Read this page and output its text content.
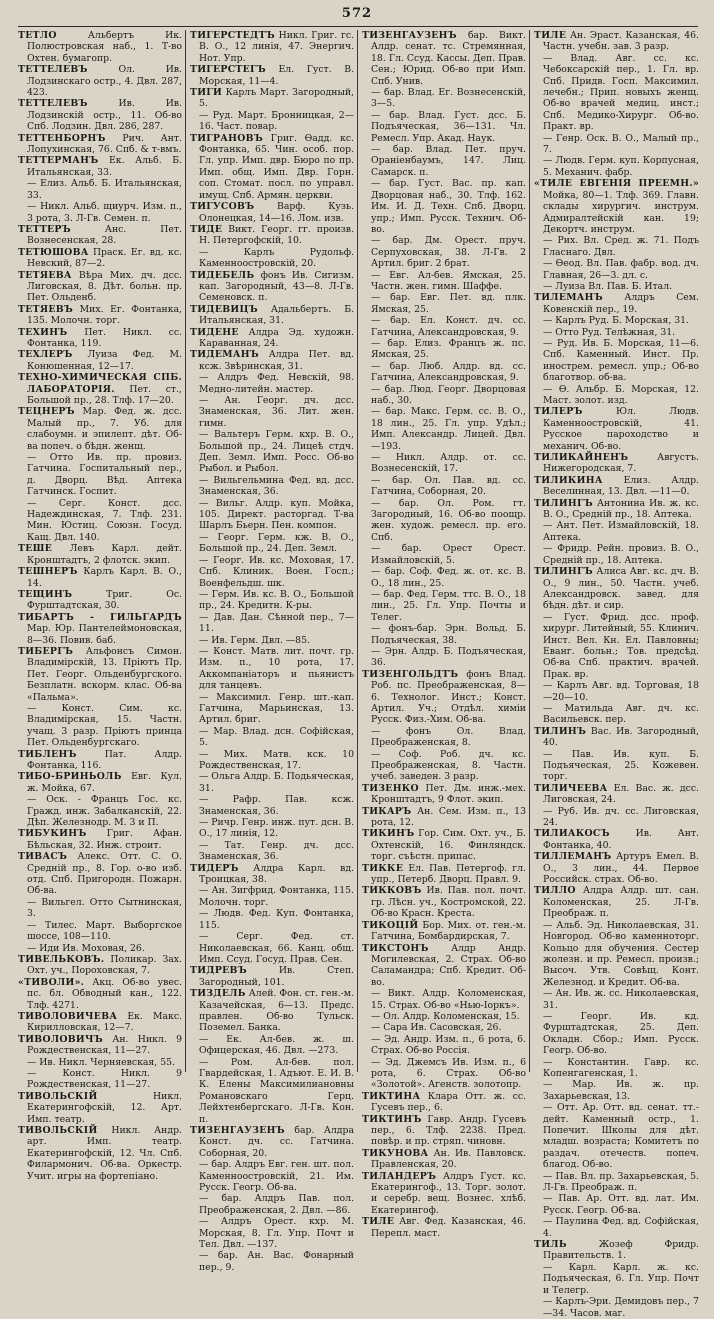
572

ТЕТЛО	Альбертъ Ик. Полюстровская наб., 1. Т-во Охтен. бумагопр.

ТЕТТЕЛЕВЪ	Ол. Ив. Лодзинскаго остр., 4. Двл. 287, 423.

ТЕТТЕЛЕВЪ	Ив. Ив. Лодзинскій остр., 11. Об-во Спб. Лодзин. Двл. 286, 287.

ТЕТТЕНБОРНЪ Рич. Ант. Лопухинская, 76. Спб. & т-вмъ.

ТЕТТЕРМАНЪ Ек. Альб. Б. Итальянская, 33.

— Елиз. Альб. Б. Итальянская, 33.

— Никл. Альб. щиурч. Изм. п., 3 рота, 3. Л-Гв. Семен. п.

ТЕТТЕРЪ	Анс. Пет. Вознесенская, 28.

ТЕТЮШОВА Праск. Ег. вд. кс. Невский, 87—2.

ТЕТЯЕВА Вѣра Мих. дч. дсс. Лиговская, 8. Дѣт. больн. пр. Пет. Ольденб.

ТЕТЯЕВЪ Мих. Ег. Фонтанка, 135. Молочн. торг.

ТЕХИНЪ Пет. Никл. сс. Фонтанка, 119.

ТЕХЛЕРЪ Луиза Фед. М. Конюшенная, 12—17.

ТЕХНО-ХИМИЧЕСКАЯ СПБ. ЛАБОРАТОРІЯ. Пет. ст., Большой пр., 28. Тлф. 17—20.

ТЕЦНЕРЪ Мар. Фед. ж. дсс. Малый пр., 7. Уб. для слабоумн. и эпилепт. дѣт. Об-ва попеч. о бѣдн. женщ.

— Отто Ив. пр. провиз. Гатчина. Госпитальный пер., д. Дворц. Вѣд. Аптека Гатчинск. Госпит.

— Серг. Конст. дсс. Надеждинская, 7. Тлф. 231. Мин. Юстиц. Союзн. Госуд. Кащ. Двл. 140.

ТЕШЕ Левъ Карл. дейт. Кронштадтъ, 2 флотск. экип.

ТЕШНЕРЪ Карлъ Карл. В. О., 14.

ТЕЩИНЪ	Триг. Ос. Фурштадтская, 30.

ТИБАРТЪ - ГИЛЬГАРДЪ Мар. Юр. Пантелеймоновская, 8—36. Повив. баб.

ТИБЕРГЪ Альфонсъ Симон. Владимірскій, 13. Пріютъ Пр. Пет. Георг. Ольденбургского. Безплатн. вскорм. клас. Об-ва «Пальма».

— Конст. Сим. кс. Владимірская, 15. Частн. учащ. 3 разр. Пріютъ принца Пет. Ольденбургскаго.

ТИБЛЕНЪ	Пат. Алдр. Фонтанка, 116.

ТИБО-БРИНЬОЛЬ Евг. Кул. ж. Мойка, 67.

— Оск. - Францъ Гос. кс. Гражд. инж. Забалканскій, 22. Дѣп. Железнодр. М. 3 и П.

ТИБУКИНЪ Григ. Афан. Бѣльская, 32. Инж. строит.

ТИВАСЪ Алекс. Отт. С. О. Средній пр., 8. Гор. о-во изб. отд. Спб. Пригородн. Пожарн. Об-ва.

— Вильгел. Отто Сытнинская, 3.

— Тилес. Март. Выборгское шоссе, 108—110.

— Иди Ив. Моховая, 26.

ТИВЕЛЬКОВЪ. Поликар. Зах. Охт. уч., Пороховская, 7.

«ТИВОЛИ». Акц. Об-во увес. пс. бл. Обводный кан., 122. Тлф. 4271.

ТИВОЛОВИЧЕВА Ек. Макс. Кирилловская, 12—7.

ТИВОЛОВИЧЪ Ан. Никл. 9 Рождественская, 11—27.

— Ив. Никл. Черняевская, 55.

— Конст. Никл. 9 Рождественская, 11—27.

ТИВОЛЬСКІЙ	Никл. Екатерингофскій, 12. Арт. Имп. театр.

ТИВОЛЬСКІЙ Никл. Андр. арт. Имп. театр. Екатерингофскій, 12. Чл. Спб. Филармонич. Об-ва. Оркестр. Учит. игры на фортепіано.

ТИГЕРСТЕДТЪ Никл. Григ. гс. В. О., 12 линія, 47. Энергич. Нот. Упр.

ТИГЕРСТЕГЪ Ел. Густ. В. Морская, 11—4.

ТИГИ Карлъ Март. Загородный, 5.

— Руд. Март. Бронницкая, 2—16. Част. повар.

ТИГРАНОВЪ Григ. Ѳадд. кс. Фонтанка, 65. Чин. особ. пор. Гл. упр. Имп. двр. Бюро по пр. Имп. общ. Имп. Двр. Горн. соп. Стомат. посл. по управл. имущ. Спб. Армян. церкви.

ТИГУСОВЪ Варф. Кузь. Олонецкая, 14—16. Лом. изв.

ТИДЕ Викт. Георг. гг. произв. Н. Петергофскій, 10.

— Карлъ Рудольф. Каменноостровскій, 20.

ТИДЕБЕЛЬ фонъ Ив. Сигизм. кап. Загородный, 43—8. Л-Гв. Семеновск. п.

ТИДЕВИЦЪ Адальбертъ. Б. Итальянская, 31.

ТИДЕНЕ Алдра Эд. художн. Караванная, 24.

ТИДЕМАНЪ Алдра Пет. вд. ксж. Звѣринская, 31.

— Алдръ Фед. Невскій, 98. Медно-литейн. мастер.

— Ан. Георг. дч. дсс. Знаменская, 36. Лит. жен. гимн.

— Вальтеръ Герм. кхр. В. О., Большой пр., 24. Лицеѣ стдч. Деп. Земл. Имп. Росс. Об-во Рыбол. и Рыбол.

— Вильгельмина Фед. вд. дсс. Знаменская, 36.

— Вильг. Алдр. куп. Мойка, 105. Директ. расторгад. Т-ва Шарлъ Бьерн. Пен. компон.

— Георг. Герм. кж. В. О., Большой пр., 24. Деп. Земл.

— Георг. Ив. кс. Моховая, 17. Спб. Клиник. Воен. Госп.; Военфельдш. шк.

— Герм. Ив. кс. В. О., Большой пр., 24. Кредитн. К-ры.

— Дав. Дан. Сѣнной пер., 7—11.

— Ив. Герм. Двл. —85.

— Конст. Матв. лит. почт. гр. Изм. п., 10 рота, 17. Аккомпаніаторъ и пьянистъ для танцевъ.

— Максимил. Генр. шт.-кап. Гатчина, Марьинская, 13. Артил. бриг.

— Мар. Влад. дсн. Софійская, 5.

— Мих. Матв. кск. 10 Рождественская, 17.

— Ольга Алдр. Б. Подьяческая, 31.

— Рафр. Пав. ксж. Знаменская, 36.

— Ричр. Генр. инж. пут. дсн. В. О., 17 линія, 12.

— Тат. Генр. дч. дсс. Знаменская, 36.

ТИДЕРЪ Алдра Карл. вд. Троицкая, 38.

— Ан. Зигфрид. Фонтанка, 115. Молочн. торг.

— Людв. Фед. Куп. Фонтанка, 115.

— Серг. Фед. ст. Николаевская, 66. Канц. общ. Имп. Ссуд. Госуд. Прав. Сен.

ТИДРЕВЪ	Ив. Степ. Загородный, 101.

ТИЗДЕЛЬ Алей. Фон. ст. ген.-м. Казачейская, 6—13. Предс. правлен. Об-во Тульск. Поземел. Банка.

— Ек. Ал-бев. ж. ш. Офицерская, 46. Двл. —273.

— Ром. Ал-бев. пол. Гвардейская, 1. Адъют. Е. И. В. К. Елены Максимилиановны Романовскаго Герц. Лейхтенбергскаго. Л-Гв. Кон. п.

ТИЗЕНГАУЗЕНЪ бар. Алдра Конст. дч. сс. Гатчина. Соборная, 20.

— бар. Алдръ Евг. ген. шт. пол. Каменноостровскій, 21. Им. Русск. Геогр. Об-ва.

— бар. Алдръ Пав. пол. Преображенская, 2. Двл. —86.

— Алдръ Орест. кхр. М. Морская, 8. Гл. Упр. Почт и Тел. Двл. —137.

— бар. Ан. Вас. Фонарный пер., 9.

ТИЗЕНГАУЗЕНЪ бар. Викт. Алдр. сенат. тс. Стремянная, 18. Гл. Ссуд. Кассы. Деп. Прав. Сен.; Юрид. Об-во при Имп. Спб. Унив.

— бар. Влад. Ег. Вознесенскій, 3—5.

— бар. Влад. Густ. дсс. Б. Подъяческая, 36—131. Чл. Ремесл. Упр. Акад. Наук.

— бар. Влад. Пет. пруч. Ораніенбаумъ, 147. Лиц. Самарск. п.

— бар. Густ. Вас. пр. кап. Дворцовая наб., 30. Тлф. 162. Им. И. Д. Техн. Спб. Дворц. упр.; Имп. Русск. Технич. Об-во.

— бар. Дм. Орест. пруч. Серпуховская, 38. Л-Гв. 2 Артил. бриг. 2 брат.

— Евг. Ал-бев. Ямская, 25. Частн. жен. гимн. Шаффе.

— бар. Евг. Пет. вд. плк. Ямская, 25.

— бар. Ел. Конст. дч. сс. Гатчина, Александровская, 9.

— бар. Елиз. Францъ ж. пс. Ямская, 25.

— бар. Люб. Алдр. вд. сс. Гатчина, Александровская, 9.

— бар. Люд. Георг. Дворцовая наб., 30.

— бар. Макс. Герм. сс. В. О., 18 лин., 25. Гл. упр. Удѣл.; Имп. Александр. Лицей. Двл. —193.

— Никл. Алдр. от. сс. Вознесенскій, 17.

— бар. Ол. Пав. вд. сс. Гатчина, Соборная, 20.

— бар. Ол. Ром. гт. Загородный, 16. Об-во поощр. жен. худож. ремесл. пр. его. Спб.

— бар. Орест Орест. Измайловскій, 5.

— бар. Соф. Фед. ж. от. кс. В. О., 18 лин., 25.

— бар. Фед. Герм. ттс. В. О., 18 лин., 25. Гл. Упр. Почты и Телег.

— фонъ-бар. Эрн. Вольд. Б. Подъяческая, 38.

— Эрн. Алдр. Б. Подъяческая, 36.

ТИЗЕНГОЛЬДТЪ фонъ Влад. Роб. пс. Преображенская, 8—6. Технолог. Инст.; Конст. Артил. Уч.; Отдѣл. химіи Русск. Физ.-Хим. Об-ва.

— фонъ Ол. Влад. Преображенская, 8.

— Соф. Роб. дч. кс. Преображенская, 8. Частн. учеб. заведен. 3 разр.

ТИЗЕНКО Пет. Дм. инж.-мех. Кронштадтъ, 9 Флот. экип.

ТИКАРЪ Ан. Сем. Изм. п., 13 рота, 12.

ТИКИНЪ Гор. Сим. Охт. уч., Б. Охтенскій, 16. Финляндск. торг. съѣстн. припас.

ТИККЕ Ел. Пав. Петергоф. гл. упр., Петерб. Дворц. Правл. 9.

ТИККОВЪ Ив. Пав. пол. почт. гр. Лѣсн. уч., Костромской, 22. Об-во Красн. Креста.

ТИКОЦІЙ Бор. Мих. от. ген.-м. Гатчина, Бомбардирская, 7.

ТИКСТОНЪ Алдр Андр. Могилевская, 2. Страх. Об-во Саламандра; Спб. Кредит. Об-во.

— Викт. Алдр. Коломенская, 15. Страх. Об-во «Нью-Іоркъ».

— Ол. Алдр. Коломенская, 15.

— Сара Ив. Сасовская, 26.

— Эд. Андр. Изм. п., 6 рота, 6. Страх. Об-во Россія.

— Эд. Джемсъ Ив. Изм. п., 6 рота, 6. Страх. Об-во «Золотой». Агенств. золотопр.

ТИКТИНА Клара Отт. ж. сс. Гусевъ пер., 6.

ТИКТИНЪ Гавр. Андр. Гусевъ пер., 6. Тлф. 2238. Пред. повѣр. и пр. стряп. чиновн.

ТИКУНОВА Ан. Ив. Павловск. Правленская, 20.

ТИЛАНДЕРЪ Алдръ Густ. кс. Екатерингоф., 13. Торг. золот. и серебр. вещ. Вознес. хлѣб. Екатерингоф.

ТИЛЕ Авг. Фед. Казанская, 46. Перепл. маст.

ТИЛЕ Ан. Эраст. Казанская, 46. Частн. учебн. зав. 3 разр.

— Влад. Авг. сс. кс. Чебоксарскій пер., 1. Гл. вр. Спб. Придв. Госп. Максимил. лечебн.; Прип. новыхъ женщ. Об-во врачей медиц. инст.; Спб. Медико-Хирург. Об-во. Практ. вр.

— Генр. Оск. В. О., Малый пр., 7.

— Людв. Герм. куп. Корпусная, 5. Механич. фабр.

«ТИЛЕ ЕВГЕНІЯ ПРЕЕМН.» Мойка, 80—1. Тлф. 369. Главн. склады хирургич. инструм. Адмиралтейскій кан. 19; Декортч. инструм.

— Рих. Вл. Сред. ж. 71. Подъ Гласнаго. Двл.

— Ѳеод. Вл. Пав. фабр. вод. дч. Главная, 26—3. дл. с.

— Луиза Вл. Пав. Б. Итал.

ТИЛЕМАНЪ Алдръ Сем. Ковенскій пер., 19.

— Карлъ Руд. Б. Морская, 31.

— Отто Руд. Телѣжная, 31.

— Руд. Ив. Б. Морская, 11—6. Спб. Каменный. Инст. Пр. инострем. ремесл. упр.; Об-во благотвор. об-ва.

— Ѳ. Альбр. Б. Морская, 12. Маст. золот. изд.

ТИЛЕРЪ	Юл. Людв. Каменноостровскій, 41. Русское пароходство и механич. Об-во.

ТИЛИКАЙНЕНЪ	Августъ. Нижегородская, 7.

ТИЛИКИНА Елиз. Алдр. Веселинная, 13. Двл. —11—0.

ТИЛИНГЪ Антонина Ив. ж. кс. В. О., Средній пр., 18. Аптека.

— Ант. Пет. Измайловскій, 18. Аптека.

— Фридр. Рейн. провиз. В. О., Средній пр., 18. Аптека.

ТИЛИНГЪ Алиса Авг. кс. дч. В. О., 9 лин., 50. Частн. учеб. Александровск. завед. для бѣдн. дѣт. и сир.

— Густ. Фрид. дсс. проф. хирург. Литейный, 55. Клинич. Инст. Вел. Кн. Ел. Павловны; Еванг. больн.; Тов. предсѣд. Об-ва Спб. практич. врачей. Прак. вр.

— Карлъ Авг. вд. Торговая, 18—20—10.

— Матильда Авг. дч. кс. Васильевск. пер.

ТИЛИНЪ Вас. Ив. Загородный, 40.

— Пав. Ив. куп. Б. Подъяческая, 25. Кожевен. торг.

ТИЛИЧЕЕВА Ел. Вас. ж. дсс. Лиговская, 24.

— Руб. Ив. дч. сс. Лиговская, 24.

ТИЛИАКОСЪ	Ив. Ант. Фонтанка, 40.

ТИЛЛЕМАНЪ Артуръ Емел. В. О., 3 лин., 44. Первое Российск. страх. Об-во.

ТИЛЛО Алдра Алдр. шт. сан. Коломенская, 25. Л-Гв. Преображ. п.

— Альб. Эд. Николаевская, 31. Новгород. Об-во каменноторг. Кольцо для обучения. Сестер жолезн. и пр. Ремесл. произв.; Высоч. Утв. Совѣщ. Конт. Железнод. и Кредит. Об-ва.

— Ан. Ив. ж. сс. Николаевская, 31.

— Георг. Ив. кд. Фурштадтская, 25. Деп. Окладн. Сбор.; Имп. Русск. Геогр. Об-во.

— Константин. Гавр. кс. Копенгагенская, 1.

— Мар. Ив. ж. пр. Захарьевская, 13.

— Отт. Ар. Отт. вд. сенат. тт.-дейт. Каменный остр., 1. Попечит. Школы для дѣт. младш. возраста; Комитетъ по раздач. отечеств. попеч. благод. Об-во.

— Пав. Вл. пр. Захарьевская, 5. Л-Гв. Преображ. п.

— Пав. Ар. Отт. вд. лат. Им. Русск. Геогр. Об-ва.

— Паулина Фед. вд. Софійская, 4.

ТИЛЬ	Жозеф Фридр. Правительств. 1.

— Карл. Карл. ж. кс. Подъяческая, 6. Гл. Упр. Почт и Телегр.

— Карлъ-Эри. Демидовъ пер., 7—34. Часов. маг.
